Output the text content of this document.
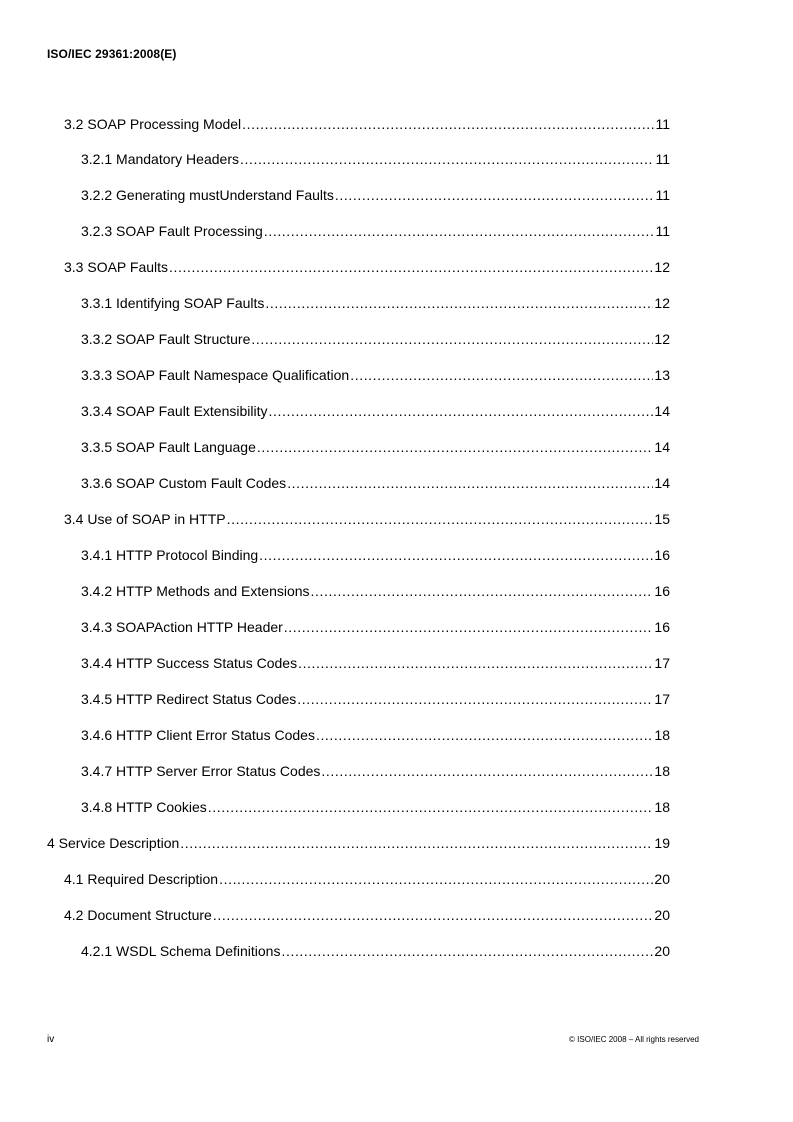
ISO/IEC 29361:2008(E)
3.2 SOAP Processing Model .....	11
3.2.1 Mandatory Headers .....	11
3.2.2 Generating mustUnderstand Faults .....	11
3.2.3 SOAP Fault Processing .....	11
3.3 SOAP Faults .....	12
3.3.1 Identifying SOAP Faults .....	12
3.3.2 SOAP Fault Structure .....	12
3.3.3 SOAP Fault Namespace Qualification .....	13
3.3.4 SOAP Fault Extensibility .....	14
3.3.5 SOAP Fault Language .....	14
3.3.6 SOAP Custom Fault Codes .....	14
3.4 Use of SOAP in HTTP .....	15
3.4.1 HTTP Protocol Binding .....	16
3.4.2 HTTP Methods and Extensions .....	16
3.4.3 SOAPAction HTTP Header .....	16
3.4.4 HTTP Success Status Codes .....	17
3.4.5 HTTP Redirect Status Codes .....	17
3.4.6 HTTP Client Error Status Codes .....	18
3.4.7 HTTP Server Error Status Codes .....	18
3.4.8 HTTP Cookies .....	18
4 Service Description .....	19
4.1 Required Description .....	20
4.2 Document Structure .....	20
4.2.1 WSDL Schema Definitions .....	20
iv	© ISO/IEC 2008 – All rights reserved
